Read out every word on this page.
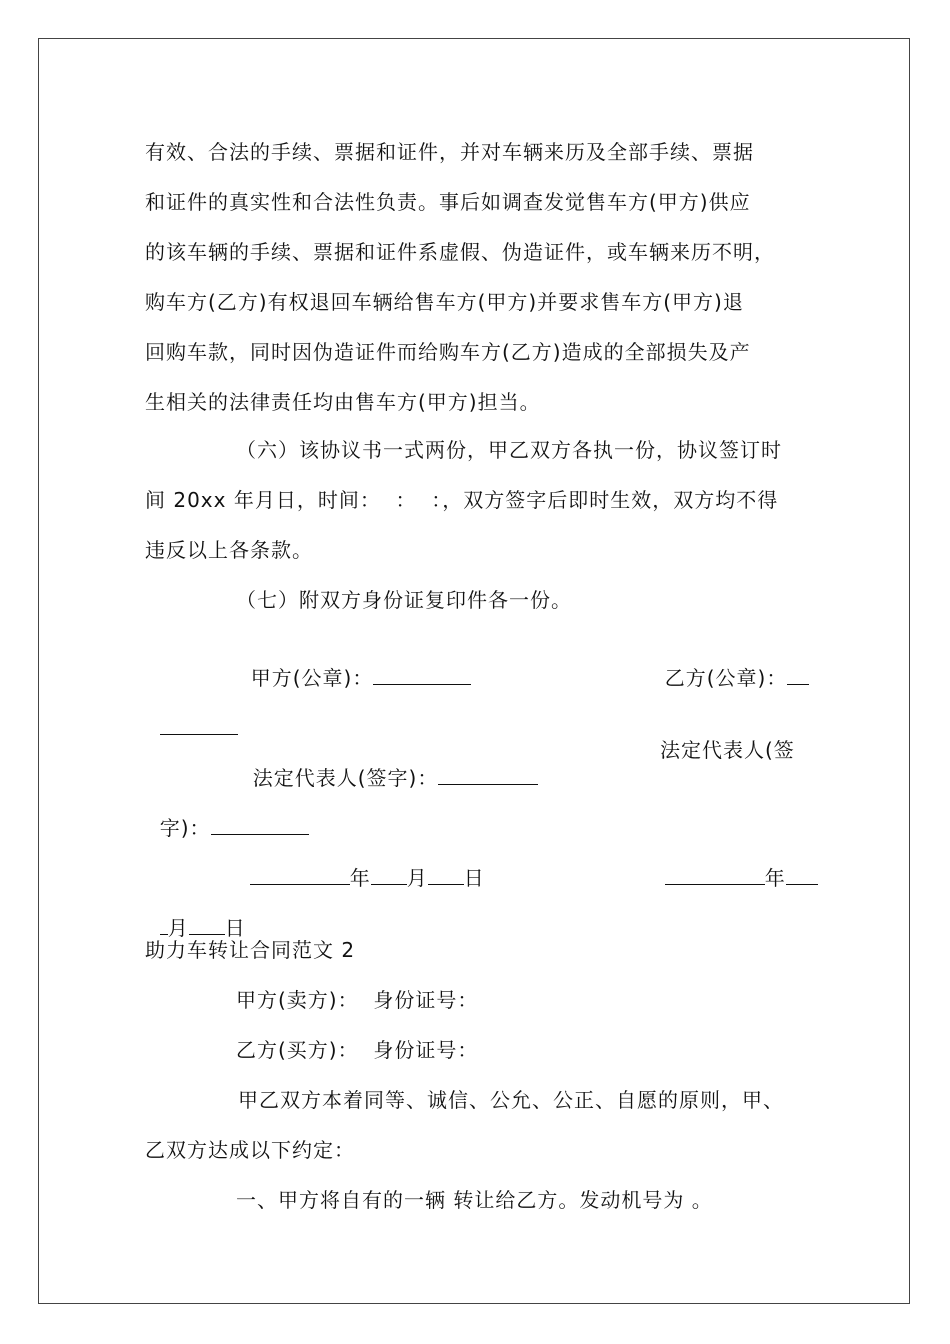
有效、合法的手续、票据和证件，并对车辆来历及全部手续、票据
和证件的真实性和合法性负责。事后如调查发觉售车方(甲方)供应
的该车辆的手续、票据和证件系虚假、伪造证件，或车辆来历不明，
购车方(乙方)有权退回车辆给售车方(甲方)并要求售车方(甲方)退
回购车款，同时因伪造证件而给购车方(乙方)造成的全部损失及产
生相关的法律责任均由售车方(甲方)担当。
（六）该协议书一式两份，甲乙双方各执一份，协议签订时
间 20xx 年月日，时间：  ：  ：，双方签字后即时生效，双方均不得
违反以上各条款。
（七）附双方身份证复印件各一份。

甲方(公章)：	乙方(公章)：

法定代表人(签字)：

法定代表人(签

字)：

年 月 日	年

月 日

助力车转让合同范文 2
甲方(卖方)：  身份证号：
乙方(买方)：  身份证号：
甲乙双方本着同等、诚信、公允、公正、自愿的原则，甲、
乙双方达成以下约定：
一、甲方将自有的一辆 转让给乙方。发动机号为 。
